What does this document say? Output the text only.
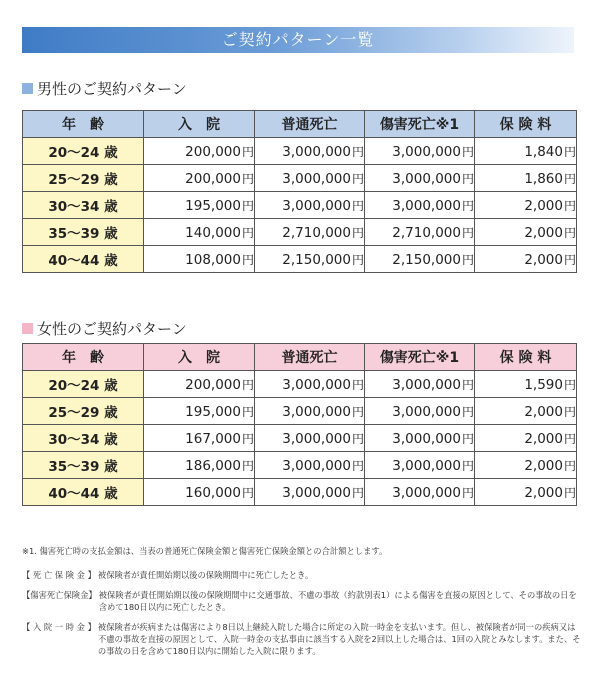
ご契約パターン一覧
男性のご契約パターン
年　齢	入　院	普通死亡	傷害死亡※1	保 険 料
20〜24 歳	200,000円	3,000,000円	3,000,000円	1,840円
25〜29 歳	200,000円	3,000,000円	3,000,000円	1,860円
30〜34 歳	195,000円	3,000,000円	3,000,000円	2,000円
35〜39 歳	140,000円	2,710,000円	2,710,000円	2,000円
40〜44 歳	108,000円	2,150,000円	2,150,000円	2,000円
女性のご契約パターン
年　齢	入　院	普通死亡	傷害死亡※1	保 険 料
20〜24 歳	200,000円	3,000,000円	3,000,000円	1,590円
25〜29 歳	195,000円	3,000,000円	3,000,000円	2,000円
30〜34 歳	167,000円	3,000,000円	3,000,000円	2,000円
35〜39 歳	186,000円	3,000,000円	3,000,000円	2,000円
40〜44 歳	160,000円	3,000,000円	3,000,000円	2,000円
※1. 傷害死亡時の支払金額は、当表の普通死亡保険金額と傷害死亡保険金額との合計額とします。
【 死 亡 保 険 金 】 被保険者が責任開始期以後の保険期間中に死亡したとき。
【傷害死亡保険金】 被保険者が責任開始期以後の保険期間中に交通事故、不慮の事故（約款別表1）による傷害を直接の原因として、その事故の日を含めて180日以内に死亡したとき。
【 入 院 一 時 金 】 被保険者が疾病または傷害により8日以上継続入院した場合に所定の入院一時金を支払います。但し、被保険者が同一の疾病又は不慮の事故を直接の原因として、入院一時金の支払事由に該当する入院を2回以上した場合は、1回の入院とみなします。また、その事故の日を含めて180日以内に開始した入院に限ります。
